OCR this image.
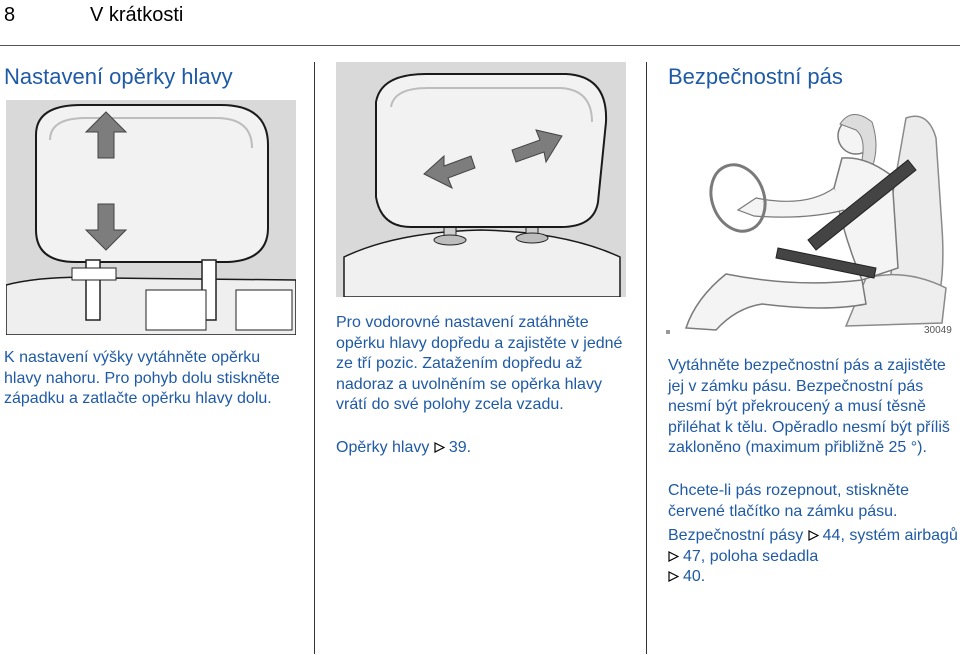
8	V krátkosti
Nastavení opěrky hlavy

K nastavení výšky vytáhněte opěrku hlavy nahoru. Pro pohyb dolu stiskněte západku a zatlačte opěrku hlavy dolu.

Pro vodorovné nastavení zatáhněte opěrku hlavy dopředu a zajistěte v jedné ze tří pozic. Zatažením dopředu až nadoraz a uvolněním se opěrka hlavy vrátí do své polohy zcela vzadu.

Opěrky hlavy 39.

Bezpečnostní pás
30049

Vytáhněte bezpečnostní pás a zajistěte jej v zámku pásu. Bezpečnostní pás nesmí být překroucený a musí těsně přiléhat k tělu. Opěradlo nesmí být příliš zakloněno (maximum přibližně 25 °).

Chcete-li pás rozepnout, stiskněte červené tlačítko na zámku pásu.

Bezpečnostní pásy 44, systém airbagů 47, poloha sedadla
40.
